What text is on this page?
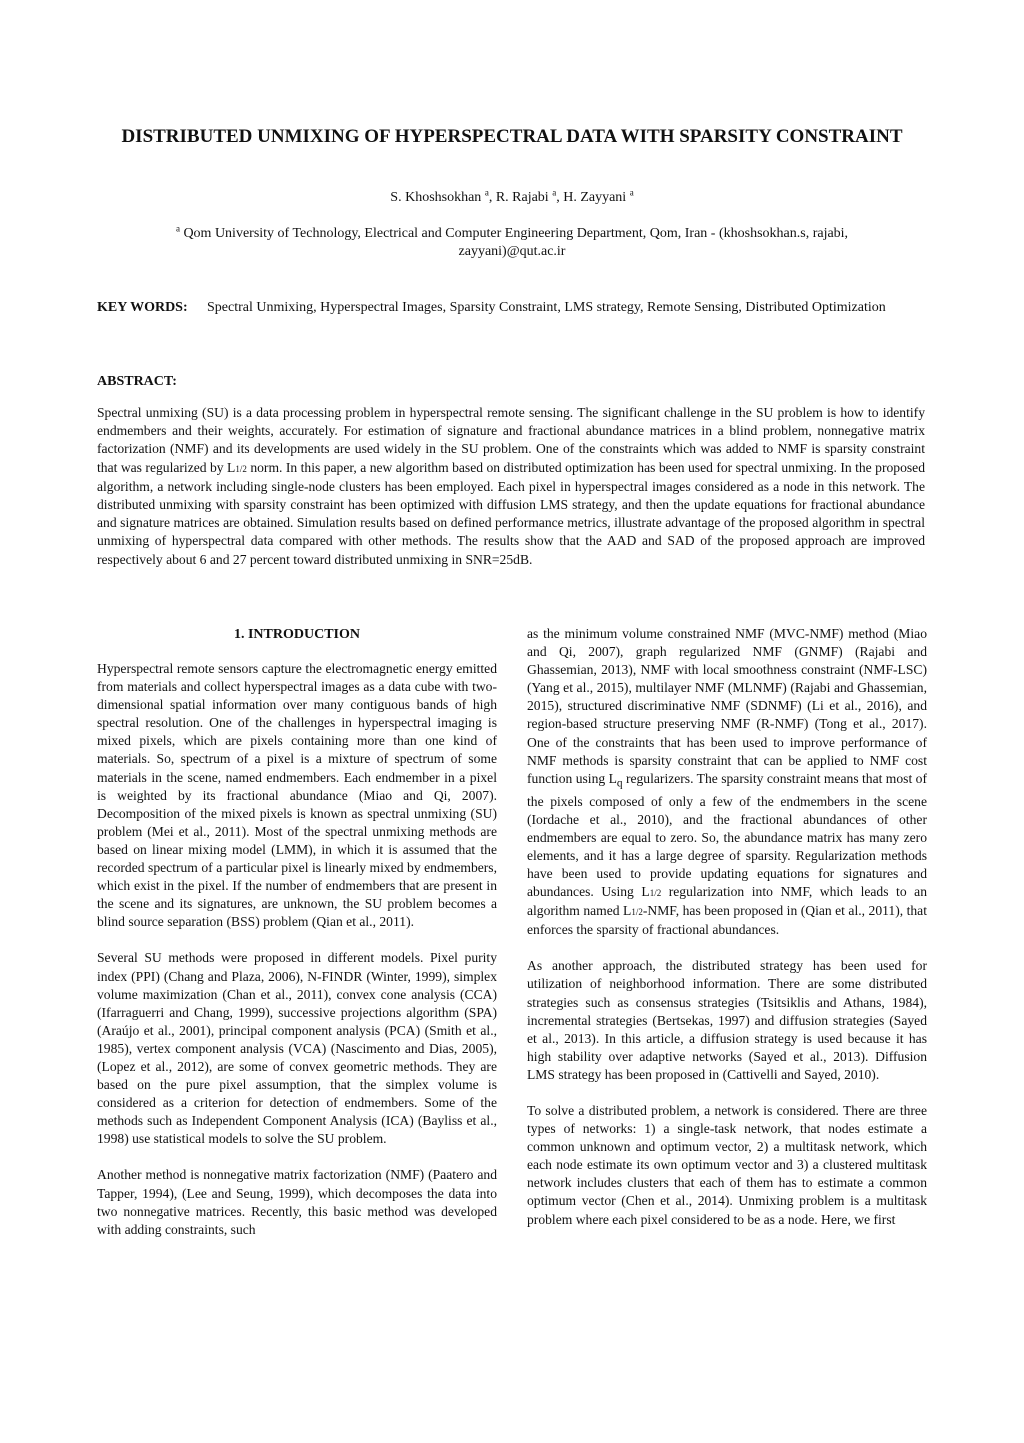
DISTRIBUTED UNMIXING OF HYPERSPECTRAL DATA WITH SPARSITY CONSTRAINT
S. Khoshsokhan $^a$, R. Rajabi $^a$, H. Zayyani $^a$
$^a$ Qom University of Technology, Electrical and Computer Engineering Department, Qom, Iran - (khoshsokhan.s, rajabi, zayyani)@qut.ac.ir
KEY WORDS: Spectral Unmixing, Hyperspectral Images, Sparsity Constraint, LMS strategy, Remote Sensing, Distributed Optimization
ABSTRACT:
Spectral unmixing (SU) is a data processing problem in hyperspectral remote sensing. The significant challenge in the SU problem is how to identify endmembers and their weights, accurately. For estimation of signature and fractional abundance matrices in a blind problem, nonnegative matrix factorization (NMF) and its developments are used widely in the SU problem. One of the constraints which was added to NMF is sparsity constraint that was regularized by L1/2 norm. In this paper, a new algorithm based on distributed optimization has been used for spectral unmixing. In the proposed algorithm, a network including single-node clusters has been employed. Each pixel in hyperspectral images considered as a node in this network. The distributed unmixing with sparsity constraint has been optimized with diffusion LMS strategy, and then the update equations for fractional abundance and signature matrices are obtained. Simulation results based on defined performance metrics, illustrate advantage of the proposed algorithm in spectral unmixing of hyperspectral data compared with other methods. The results show that the AAD and SAD of the proposed approach are improved respectively about 6 and 27 percent toward distributed unmixing in SNR=25dB.
1. INTRODUCTION

Hyperspectral remote sensors capture the electromagnetic energy emitted from materials and collect hyperspectral images as a data cube with two-dimensional spatial information over many contiguous bands of high spectral resolution. One of the challenges in hyperspectral imaging is mixed pixels, which are pixels containing more than one kind of materials. So, spectrum of a pixel is a mixture of spectrum of some materials in the scene, named endmembers. Each endmember in a pixel is weighted by its fractional abundance (Miao and Qi, 2007). Decomposition of the mixed pixels is known as spectral unmixing (SU) problem (Mei et al., 2011). Most of the spectral unmixing methods are based on linear mixing model (LMM), in which it is assumed that the recorded spectrum of a particular pixel is linearly mixed by endmembers, which exist in the pixel. If the number of endmembers that are present in the scene and its signatures, are unknown, the SU problem becomes a blind source separation (BSS) problem (Qian et al., 2011).

Several SU methods were proposed in different models. Pixel purity index (PPI) (Chang and Plaza, 2006), N-FINDR (Winter, 1999), simplex volume maximization (Chan et al., 2011), convex cone analysis (CCA) (Ifarraguerri and Chang, 1999), successive projections algorithm (SPA) (Araújo et al., 2001), principal component analysis (PCA) (Smith et al., 1985), vertex component analysis (VCA) (Nascimento and Dias, 2005), (Lopez et al., 2012), are some of convex geometric methods. They are based on the pure pixel assumption, that the simplex volume is considered as a criterion for detection of endmembers. Some of the methods such as Independent Component Analysis (ICA) (Bayliss et al., 1998) use statistical models to solve the SU problem.

Another method is nonnegative matrix factorization (NMF) (Paatero and Tapper, 1994), (Lee and Seung, 1999), which decomposes the data into two nonnegative matrices. Recently, this basic method was developed with adding constraints, such

as the minimum volume constrained NMF (MVC-NMF) method (Miao and Qi, 2007), graph regularized NMF (GNMF) (Rajabi and Ghassemian, 2013), NMF with local smoothness constraint (NMF-LSC) (Yang et al., 2015), multilayer NMF (MLNMF) (Rajabi and Ghassemian, 2015), structured discriminative NMF (SDNMF) (Li et al., 2016), and region-based structure preserving NMF (R-NMF) (Tong et al., 2017). One of the constraints that has been used to improve performance of NMF methods is sparsity constraint that can be applied to NMF cost function using $L_q$ regularizers. The sparsity constraint means that most of the pixels composed of only a few of the endmembers in the scene (Iordache et al., 2010), and the fractional abundances of other endmembers are equal to zero. So, the abundance matrix has many zero elements, and it has a large degree of sparsity. Regularization methods have been used to provide updating equations for signatures and abundances. Using L1/2 regularization into NMF, which leads to an algorithm named L1/2-NMF, has been proposed in (Qian et al., 2011), that enforces the sparsity of fractional abundances.

As another approach, the distributed strategy has been used for utilization of neighborhood information. There are some distributed strategies such as consensus strategies (Tsitsiklis and Athans, 1984), incremental strategies (Bertsekas, 1997) and diffusion strategies (Sayed et al., 2013). In this article, a diffusion strategy is used because it has high stability over adaptive networks (Sayed et al., 2013). Diffusion LMS strategy has been proposed in (Cattivelli and Sayed, 2010).

To solve a distributed problem, a network is considered. There are three types of networks: 1) a single-task network, that nodes estimate a common unknown and optimum vector, 2) a multitask network, which each node estimate its own optimum vector and 3) a clustered multitask network includes clusters that each of them has to estimate a common optimum vector (Chen et al., 2014). Unmixing problem is a multitask problem where each pixel considered to be as a node. Here, we first
